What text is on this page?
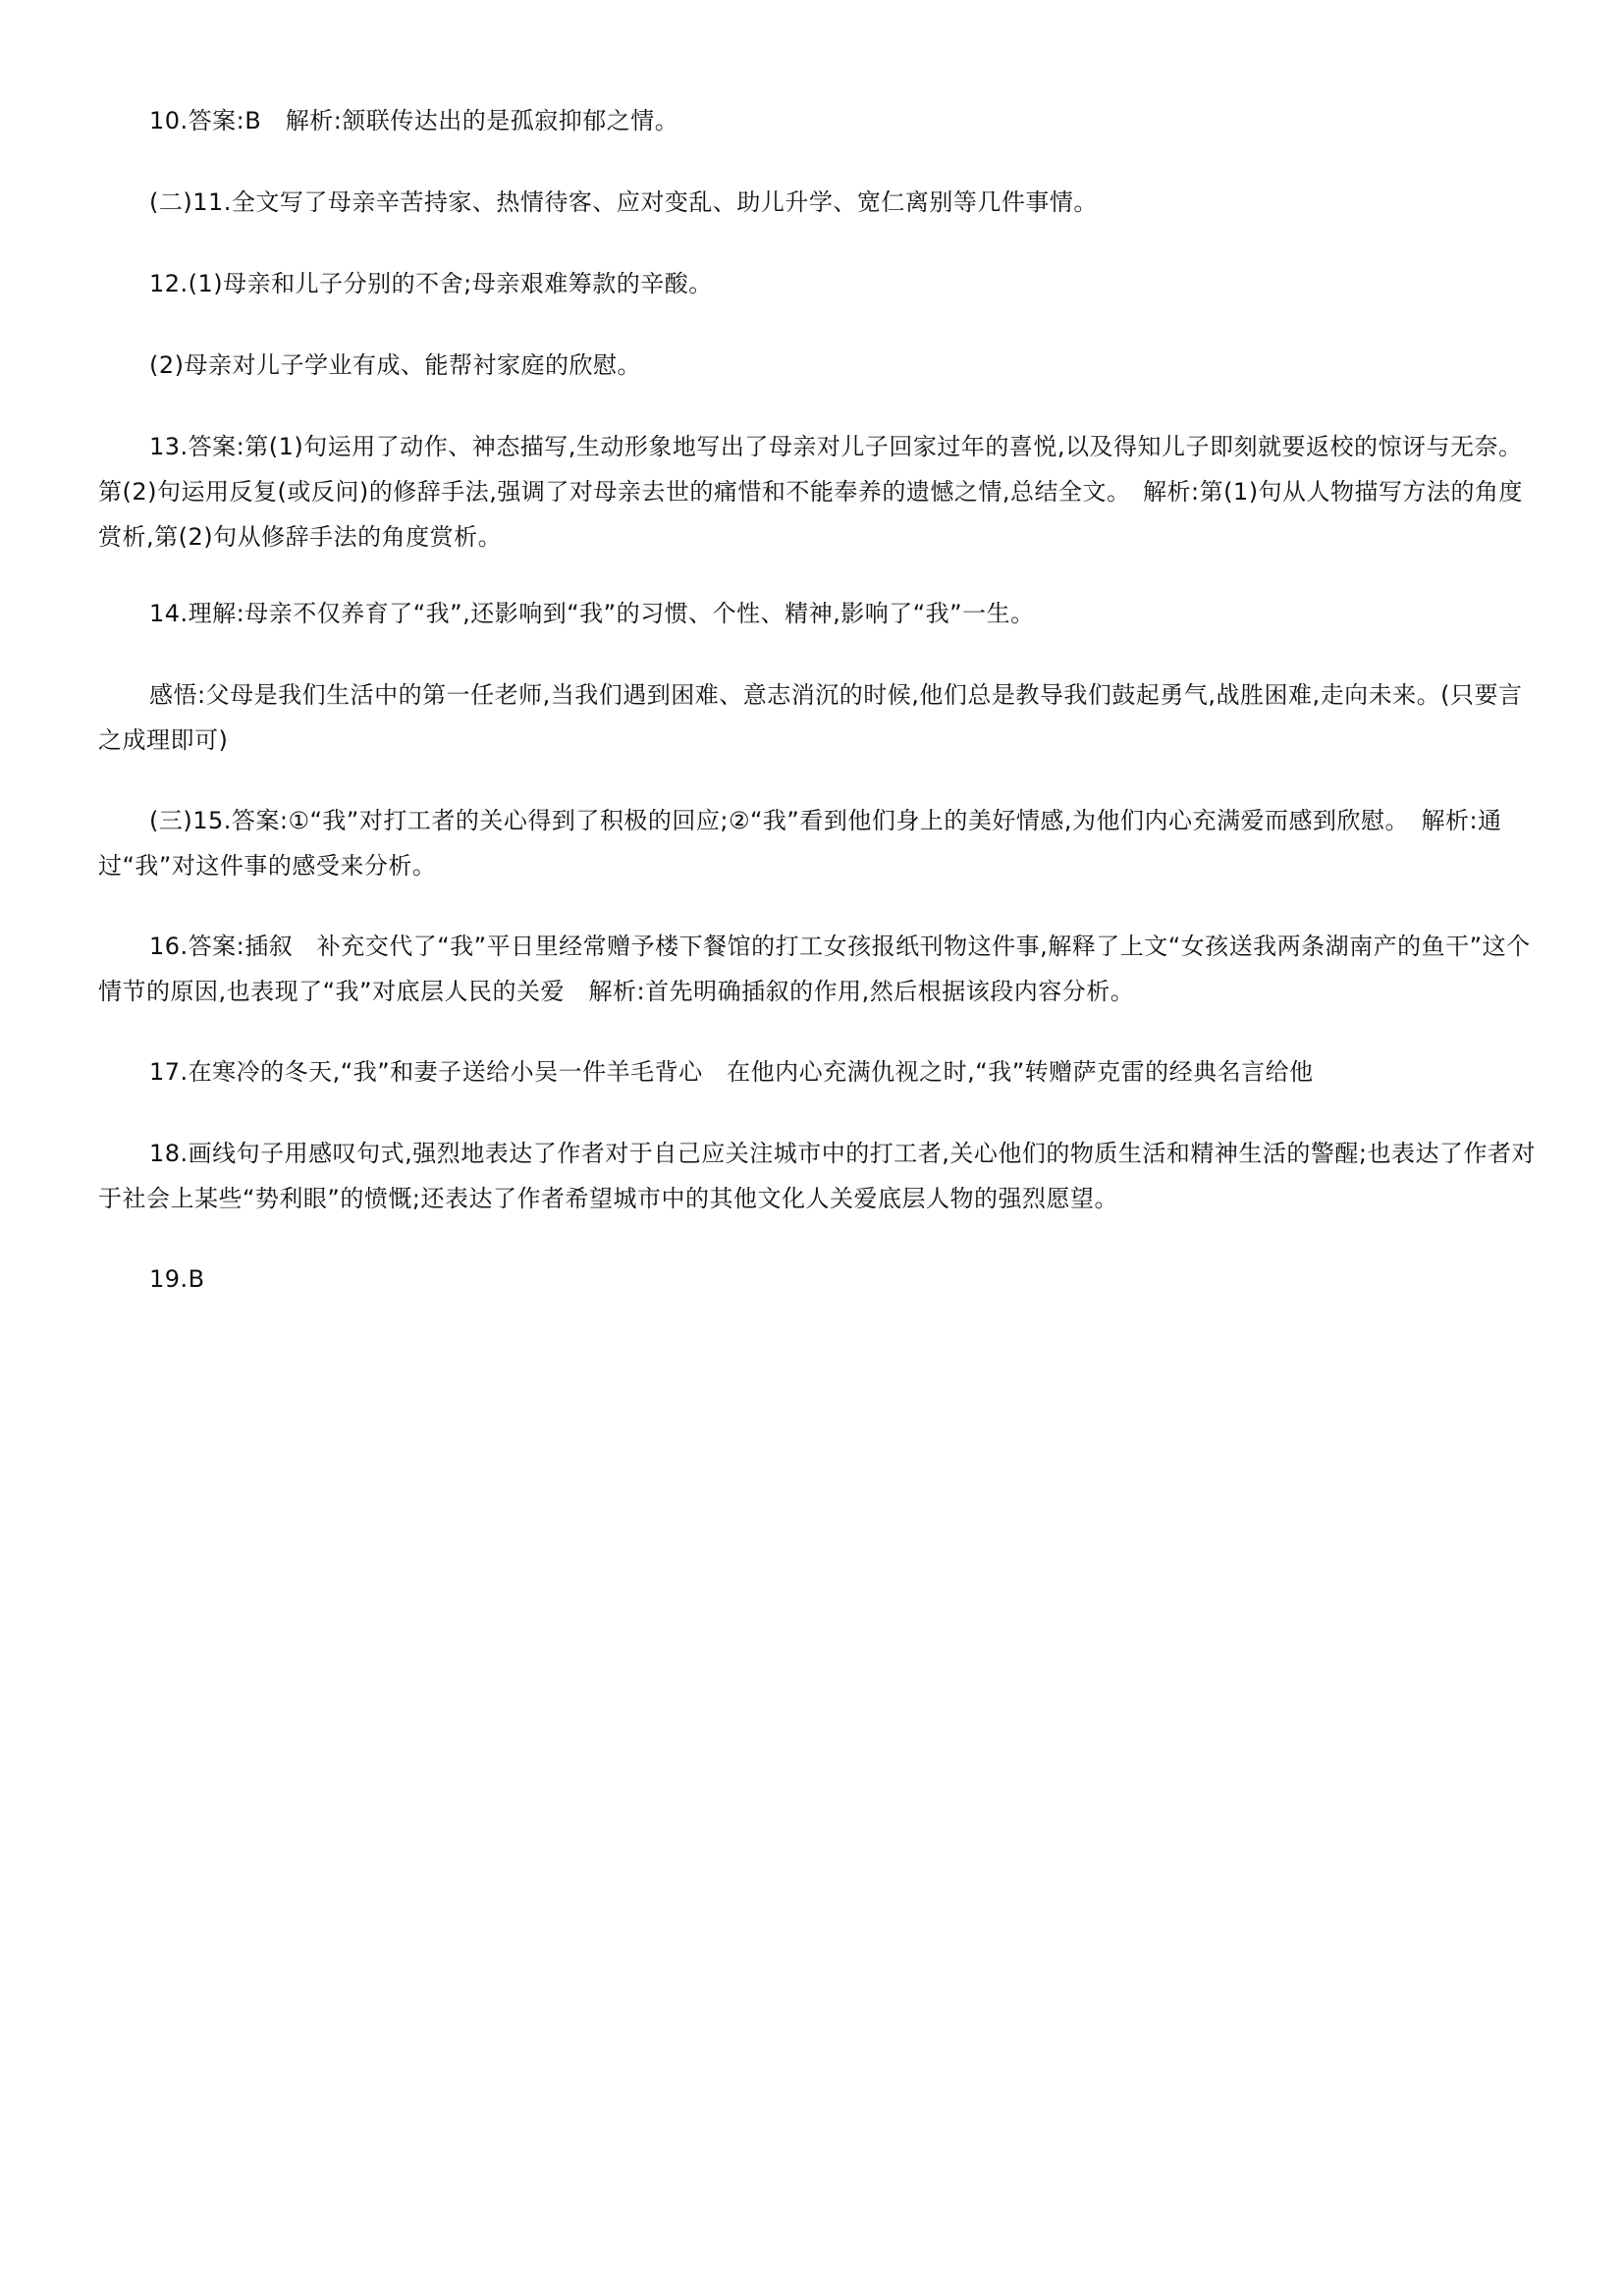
10.答案:B　解析:颔联传达出的是孤寂抑郁之情。

(二)11.全文写了母亲辛苦持家、热情待客、应对变乱、助儿升学、宽仁离别等几件事情。

12.(1)母亲和儿子分别的不舍;母亲艰难筹款的辛酸。

(2)母亲对儿子学业有成、能帮衬家庭的欣慰。

13.答案:第(1)句运用了动作、神态描写,生动形象地写出了母亲对儿子回家过年的喜悦,以及得知儿子即刻就要返校的惊讶与无奈。第(2)句运用反复(或反问)的修辞手法,强调了对母亲去世的痛惜和不能奉养的遗憾之情,总结全文。　解析:第(1)句从人物描写方法的角度赏析,第(2)句从修辞手法的角度赏析。

14.理解:母亲不仅养育了“我”,还影响到“我”的习惯、个性、精神,影响了“我”一生。

感悟:父母是我们生活中的第一任老师,当我们遇到困难、意志消沉的时候,他们总是教导我们鼓起勇气,战胜困难,走向未来。(只要言之成理即可)

(三)15.答案:①“我”对打工者的关心得到了积极的回应;②“我”看到他们身上的美好情感,为他们内心充满爱而感到欣慰。　解析:通过“我”对这件事的感受来分析。

16.答案:插叙　补充交代了“我”平日里经常赠予楼下餐馆的打工女孩报纸刊物这件事,解释了上文“女孩送我两条湖南产的鱼干”这个情节的原因,也表现了“我”对底层人民的关爱　解析:首先明确插叙的作用,然后根据该段内容分析。

17.在寒冷的冬天,“我”和妻子送给小吴一件羊毛背心　在他内心充满仇视之时,“我”转赠萨克雷的经典名言给他

18.画线句子用感叹句式,强烈地表达了作者对于自己应关注城市中的打工者,关心他们的物质生活和精神生活的警醒;也表达了作者对于社会上某些“势利眼”的愤慨;还表达了作者希望城市中的其他文化人关爱底层人物的强烈愿望。

19.B
